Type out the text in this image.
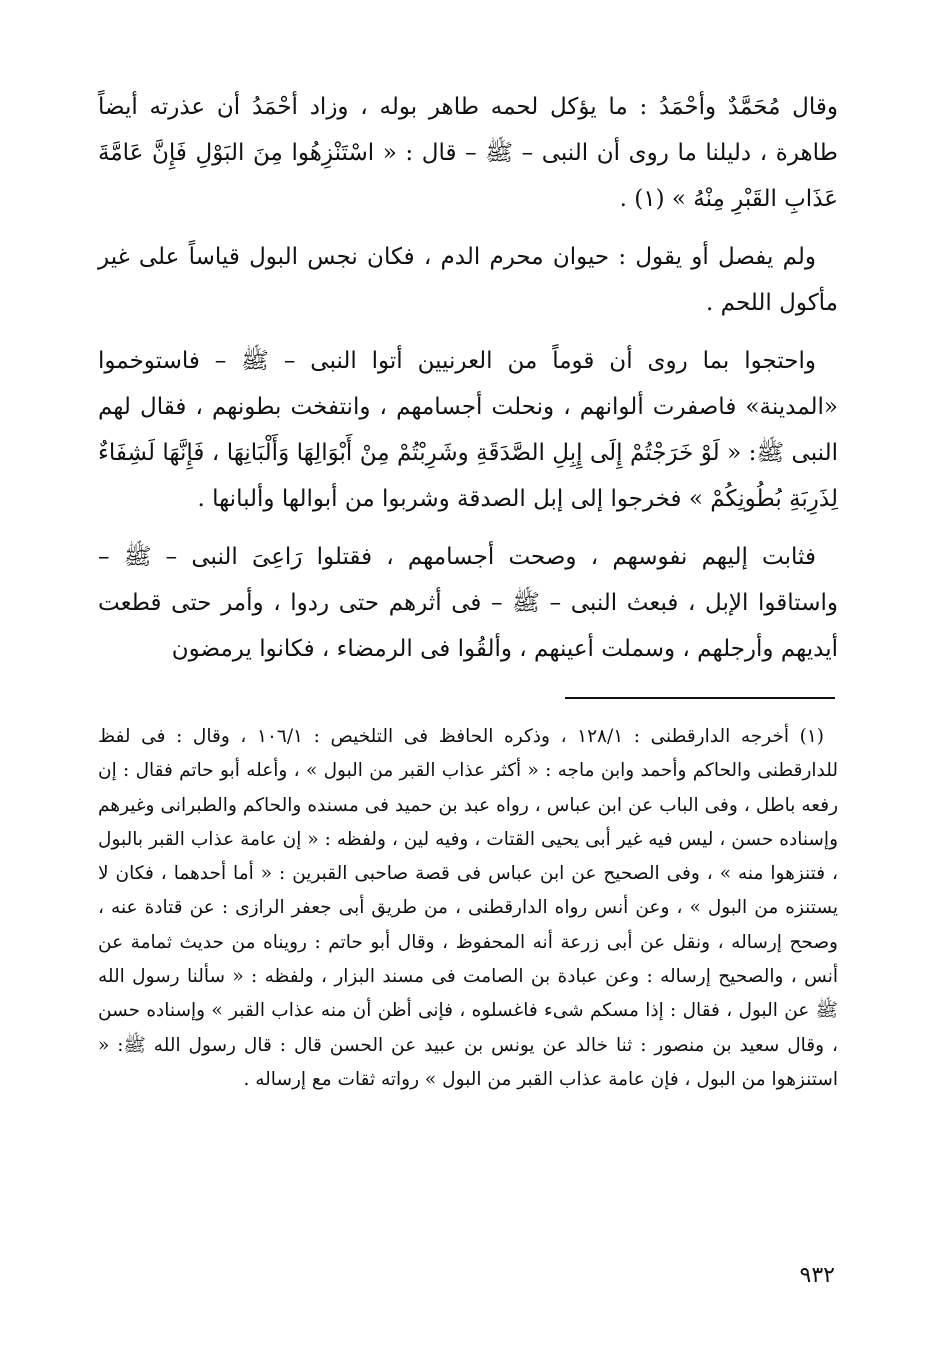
وقال مُحَمَّدٌ وأحْمَدُ : ما يؤكل لحمه طاهر بوله ، وزاد أحْمَدُ أن عذرته أيضاً طاهرة ، دليلنا ما روى أن النبى – ﷺ – قال : « اسْتَنْزِهُوا مِنَ البَوْلِ فَإِنَّ عَامَّةَ عَذَابِ القَبْرِ مِنْهُ » (١) .

ولم يفصل أو يقول : حيوان محرم الدم ، فكان نجس البول قياساً على غير مأكول اللحم .

واحتجوا بما روى أن قوماً من العرنيين أتوا النبى – ﷺ – فاستوخموا «المدينة» فاصفرت ألوانهم ، ونحلت أجسامهم ، وانتفخت بطونهم ، فقال لهم النبى ﷺ: « لَوْ خَرَجْتُمْ إِلَى إِبِلِ الصَّدَقَةِ وشَرِبْتُمْ مِنْ أَبْوَالِهَا وَأَلْبَانِهَا ، فَإِنَّهَا لَشِفَاءٌ لِذَرِبَةِ بُطُونِكُمْ » فخرجوا إلى إبل الصدقة وشربوا من أبوالها وألبانها .

فثابت إليهم نفوسهم ، وصحت أجسامهم ، فقتلوا رَاعِىَ النبى – ﷺ – واستاقوا الإبل ، فبعث النبى – ﷺ – فى أثرهم حتى ردوا ، وأمر حتى قطعت أيديهم وأرجلهم ، وسملت أعينهم ، وألقُوا فى الرمضاء ، فكانوا يرمضون

(١) أخرجه الدارقطنى : ١٢٨/١ ، وذكره الحافظ فى التلخيص : ١٠٦/١ ، وقال : فى لفظ للدارقطنى والحاكم وأحمد وابن ماجه : « أكثر عذاب القبر من البول » ، وأعله أبو حاتم فقال : إن رفعه باطل ، وفى الباب عن ابن عباس ، رواه عبد بن حميد فى مسنده والحاكم والطبرانى وغيرهم وإسناده حسن ، ليس فيه غير أبى يحيى القتات ، وفيه لين ، ولفظه : « إن عامة عذاب القبر بالبول ، فتنزهوا منه » ، وفى الصحيح عن ابن عباس فى قصة صاحبى القبرين : « أما أحدهما ، فكان لا يستنزه من البول » ، وعن أنس رواه الدارقطنى ، من طريق أبى جعفر الرازى : عن قتادة عنه ، وصحح إرساله ، ونقل عن أبى زرعة أنه المحفوظ ، وقال أبو حاتم : رويناه من حديث ثمامة عن أنس ، والصحيح إرساله : وعن عبادة بن الصامت فى مسند البزار ، ولفظه : « سألنا رسول الله ﷺ عن البول ، فقال : إذا مسكم شىء فاغسلوه ، فإنى أظن أن منه عذاب القبر » وإسناده حسن ، وقال سعيد بن منصور : ثنا خالد عن يونس بن عبيد عن الحسن قال : قال رسول الله ﷺ: « استنزهوا من البول ، فإن عامة عذاب القبر من البول » رواته ثقات مع إرساله .

٩٣٢
